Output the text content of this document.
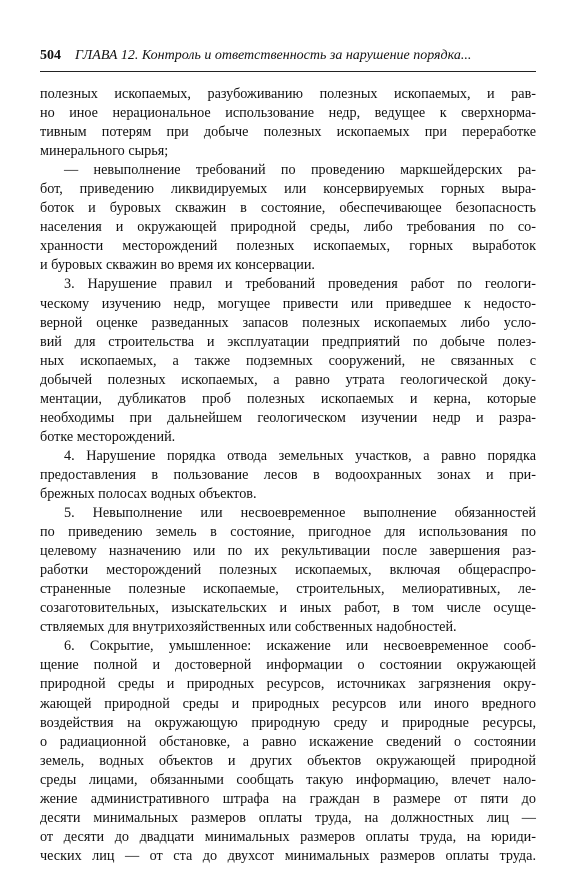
504 ГЛАВА 12. Контроль и ответственность за нарушение порядка...
полезных ископаемых, разубоживанию полезных ископаемых, и рав-
но иное нерациональное использование недр, ведущее к сверхнорма-
тивным потерям при добыче полезных ископаемых при переработке
минерального сырья;
— невыполнение требований по проведению маркшейдерских ра-
бот, приведению ликвидируемых или консервируемых горных выра-
боток и буровых скважин в состояние, обеспечивающее безопасность
населения и окружающей природной среды, либо требования по со-
хранности месторождений полезных ископаемых, горных выработок
и буровых скважин во время их консервации.
3. Нарушение правил и требований проведения работ по геологи-
ческому изучению недр, могущее привести или приведшее к недосто-
верной оценке разведанных запасов полезных ископаемых либо усло-
вий для строительства и эксплуатации предприятий по добыче полез-
ных ископаемых, а также подземных сооружений, не связанных с
добычей полезных ископаемых, а равно утрата геологической доку-
ментации, дубликатов проб полезных ископаемых и керна, которые
необходимы при дальнейшем геологическом изучении недр и разра-
ботке месторождений.
4. Нарушение порядка отвода земельных участков, а равно порядка
предоставления в пользование лесов в водоохранных зонах и при-
брежных полосах водных объектов.
5. Невыполнение или несвоевременное выполнение обязанностей
по приведению земель в состояние, пригодное для использования по
целевому назначению или по их рекультивации после завершения раз-
работки месторождений полезных ископаемых, включая общераспро-
страненные полезные ископаемые, строительных, мелиоративных, ле-
созаготовительных, изыскательских и иных работ, в том числе осуще-
ствляемых для внутрихозяйственных или собственных надобностей.
6. Сокрытие, умышленное: искажение или несвоевременное сооб-
щение полной и достоверной информации о состоянии окружающей
природной среды и природных ресурсов, источниках загрязнения окру-
жающей природной среды и природных ресурсов или иного вредного
воздействия на окружающую природную среду и природные ресурсы,
о радиационной обстановке, а равно искажение сведений о состоянии
земель, водных объектов и других объектов окружающей природной
среды лицами, обязанными сообщать такую информацию, влечет нало-
жение административного штрафа на граждан в размере от пяти до
десяти минимальных размеров оплаты труда, на должностных лиц —
от десяти до двадцати минимальных размеров оплаты труда, на юриди-
ческих лиц — от ста до двухсот минимальных размеров оплаты труда.
